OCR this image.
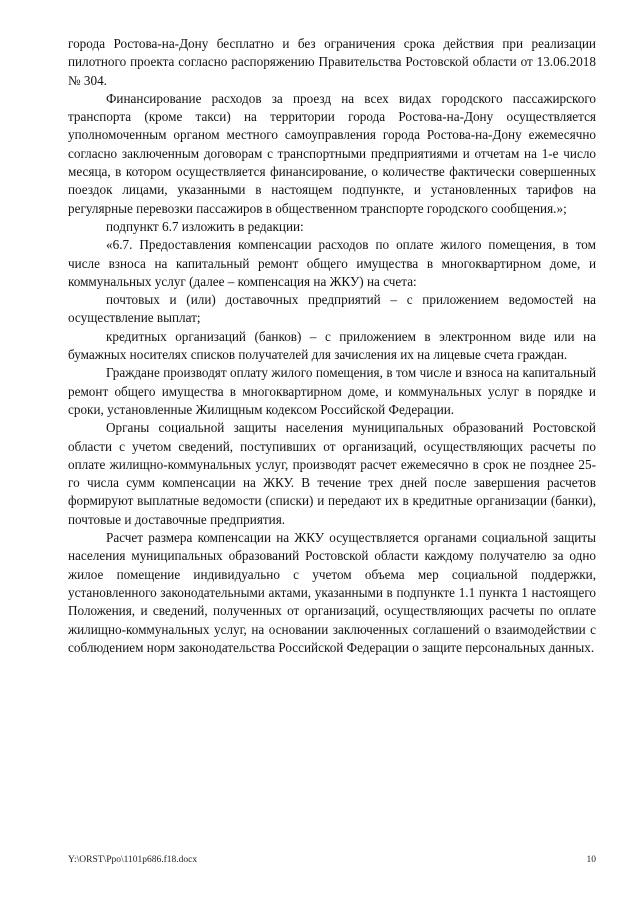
города Ростова-на-Дону бесплатно и без ограничения срока действия при реализации пилотного проекта согласно распоряжению Правительства Ростовской области от 13.06.2018 № 304.

Финансирование расходов за проезд на всех видах городского пассажирского транспорта (кроме такси) на территории города Ростова-на-Дону осуществляется уполномоченным органом местного самоуправления города Ростова-на-Дону ежемесячно согласно заключенным договорам с транспортными предприятиями и отчетам на 1-е число месяца, в котором осуществляется финансирование, о количестве фактически совершенных поездок лицами, указанными в настоящем подпункте, и установленных тарифов на регулярные перевозки пассажиров в общественном транспорте городского сообщения.»;

подпункт 6.7 изложить в редакции:

«6.7. Предоставления компенсации расходов по оплате жилого помещения, в том числе взноса на капитальный ремонт общего имущества в многоквартирном доме, и коммунальных услуг (далее – компенсация на ЖКУ) на счета:

почтовых и (или) доставочных предприятий – с приложением ведомостей на осуществление выплат;

кредитных организаций (банков) – с приложением в электронном виде или на бумажных носителях списков получателей для зачисления их на лицевые счета граждан.

Граждане производят оплату жилого помещения, в том числе и взноса на капитальный ремонт общего имущества в многоквартирном доме, и коммунальных услуг в порядке и сроки, установленные Жилищным кодексом Российской Федерации.

Органы социальной защиты населения муниципальных образований Ростовской области с учетом сведений, поступивших от организаций, осуществляющих расчеты по оплате жилищно-коммунальных услуг, производят расчет ежемесячно в срок не позднее 25-го числа сумм компенсации на ЖКУ. В течение трех дней после завершения расчетов формируют выплатные ведомости (списки) и передают их в кредитные организации (банки), почтовые и доставочные предприятия.

Расчет размера компенсации на ЖКУ осуществляется органами социальной защиты населения муниципальных образований Ростовской области каждому получателю за одно жилое помещение индивидуально с учетом объема мер социальной поддержки, установленного законодательными актами, указанными в подпункте 1.1 пункта 1 настоящего Положения, и сведений, полученных от организаций, осуществляющих расчеты по оплате жилищно-коммунальных услуг, на основании заключенных соглашений о взаимодействии с соблюдением норм законодательства Российской Федерации о защите персональных данных.

Y:\ORST\Ppo\1101p686.f18.docx	10
